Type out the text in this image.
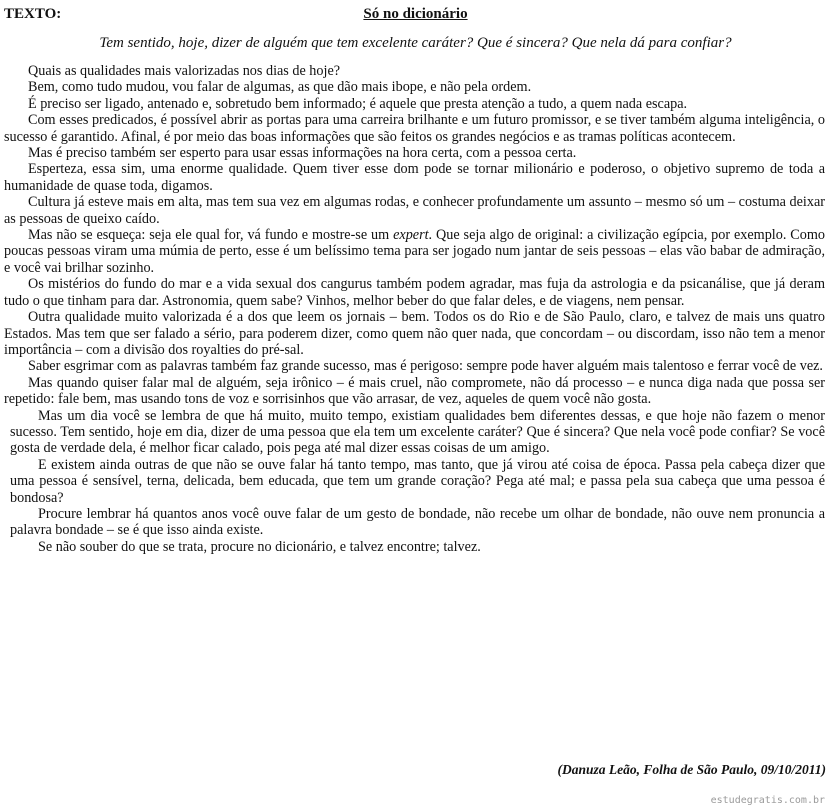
TEXTO:	Só no dicionário
Tem sentido, hoje, dizer de alguém que tem excelente caráter? Que é sincera? Que nela dá para confiar?

Quais as qualidades mais valorizadas nos dias de hoje?

Bem, como tudo mudou, vou falar de algumas, as que dão mais ibope, e não pela ordem.

É preciso ser ligado, antenado e, sobretudo bem informado; é aquele que presta atenção a tudo, a quem nada escapa.

Com esses predicados, é possível abrir as portas para uma carreira brilhante e um futuro promissor, e se tiver também alguma inteligência, o sucesso é garantido. Afinal, é por meio das boas informações que são feitos os grandes negócios e as tramas políticas acontecem.

Mas é preciso também ser esperto para usar essas informações na hora certa, com a pessoa certa.

Esperteza, essa sim, uma enorme qualidade. Quem tiver esse dom pode se tornar milionário e poderoso, o objetivo supremo de toda a humanidade de quase toda, digamos.

Cultura já esteve mais em alta, mas tem sua vez em algumas rodas, e conhecer profundamente um assunto – mesmo só um – costuma deixar as pessoas de queixo caído.

Mas não se esqueça: seja ele qual for, vá fundo e mostre-se um expert. Que seja algo de original: a civilização egípcia, por exemplo. Como poucas pessoas viram uma múmia de perto, esse é um belíssimo tema para ser jogado num jantar de seis pessoas – elas vão babar de admiração, e você vai brilhar sozinho.

Os mistérios do fundo do mar e a vida sexual dos cangurus também podem agradar, mas fuja da astrologia e da psicanálise, que já deram tudo o que tinham para dar. Astronomia, quem sabe? Vinhos, melhor beber do que falar deles, e de viagens, nem pensar.

Outra qualidade muito valorizada é a dos que leem os jornais – bem. Todos os do Rio e de São Paulo, claro, e talvez de mais uns quatro Estados. Mas tem que ser falado a sério, para poderem dizer, como quem não quer nada, que concordam – ou discordam, isso não tem a menor importância – com a divisão dos royalties do pré-sal.

Saber esgrimar com as palavras também faz grande sucesso, mas é perigoso: sempre pode haver alguém mais talentoso e ferrar você de vez.

Mas quando quiser falar mal de alguém, seja irônico – é mais cruel, não compromete, não dá processo – e nunca diga nada que possa ser repetido: fale bem, mas usando tons de voz e sorrisinhos que vão arrasar, de vez, aqueles de quem você não gosta.

Mas um dia você se lembra de que há muito, muito tempo, existiam qualidades bem diferentes dessas, e que hoje não fazem o menor sucesso. Tem sentido, hoje em dia, dizer de uma pessoa que ela tem um excelente caráter? Que é sincera? Que nela você pode confiar? Se você gosta de verdade dela, é melhor ficar calado, pois pega até mal dizer essas coisas de um amigo.

E existem ainda outras de que não se ouve falar há tanto tempo, mas tanto, que já virou até coisa de época. Passa pela cabeça dizer que uma pessoa é sensível, terna, delicada, bem educada, que tem um grande coração? Pega até mal; e passa pela sua cabeça que uma pessoa é bondosa?

Procure lembrar há quantos anos você ouve falar de um gesto de bondade, não recebe um olhar de bondade, não ouve nem pronuncia a palavra bondade – se é que isso ainda existe.

Se não souber do que se trata, procure no dicionário, e talvez encontre; talvez.

(Danuza Leão, Folha de São Paulo, 09/10/2011)
estudegratis.com.br
